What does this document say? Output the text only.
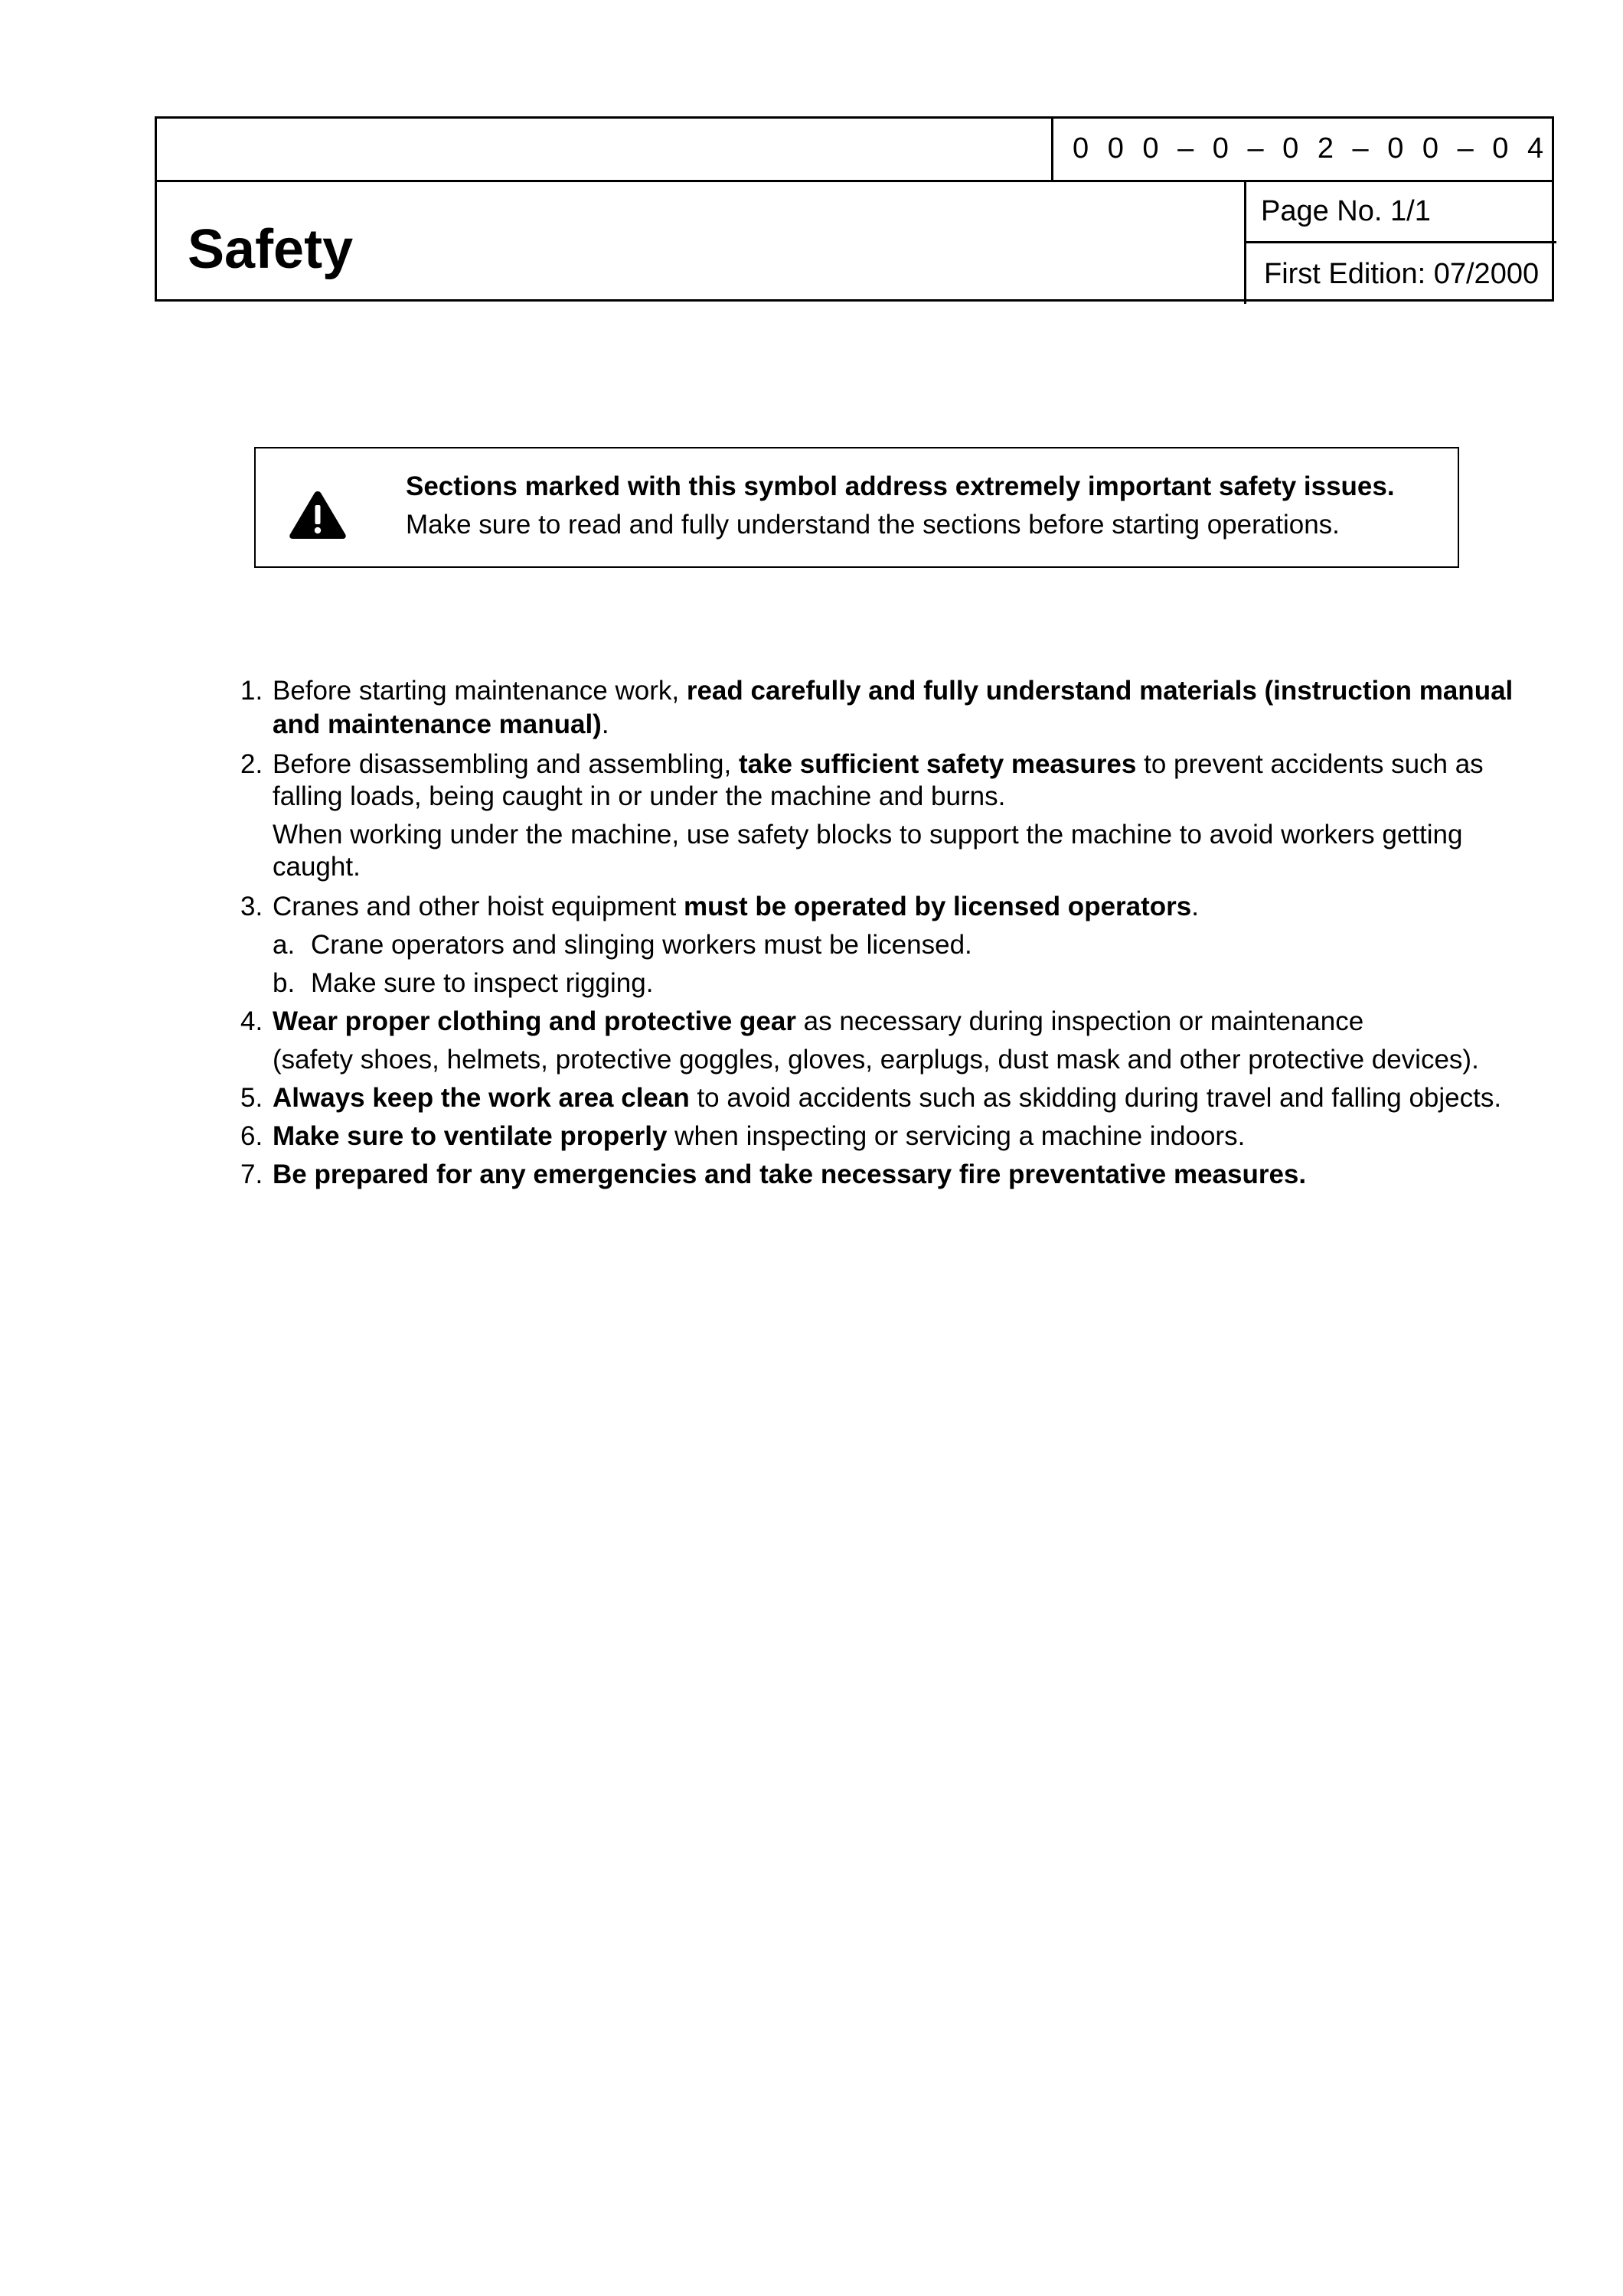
0 0 0 – 0 – 0 2 – 0 0 – 0 4
Page No. 1/1
First Edition: 07/2000
Safety
Sections marked with this symbol address extremely important safety issues.
Make sure to read and fully understand the sections before starting operations.
1. Before starting maintenance work, read carefully and fully understand materials (instruction manual
and maintenance manual).
2. Before disassembling and assembling, take sufficient safety measures to prevent accidents such as
falling loads, being caught in or under the machine and burns.
When working under the machine, use safety blocks to support the machine to avoid workers getting
caught.
3. Cranes and other hoist equipment must be operated by licensed operators.
a. Crane operators and slinging workers must be licensed.
b. Make sure to inspect rigging.
4. Wear proper clothing and protective gear as necessary during inspection or maintenance
(safety shoes, helmets, protective goggles, gloves, earplugs, dust mask and other protective devices).
5. Always keep the work area clean to avoid accidents such as skidding during travel and falling objects.
6. Make sure to ventilate properly when inspecting or servicing a machine indoors.
7. Be prepared for any emergencies and take necessary fire preventative measures.
